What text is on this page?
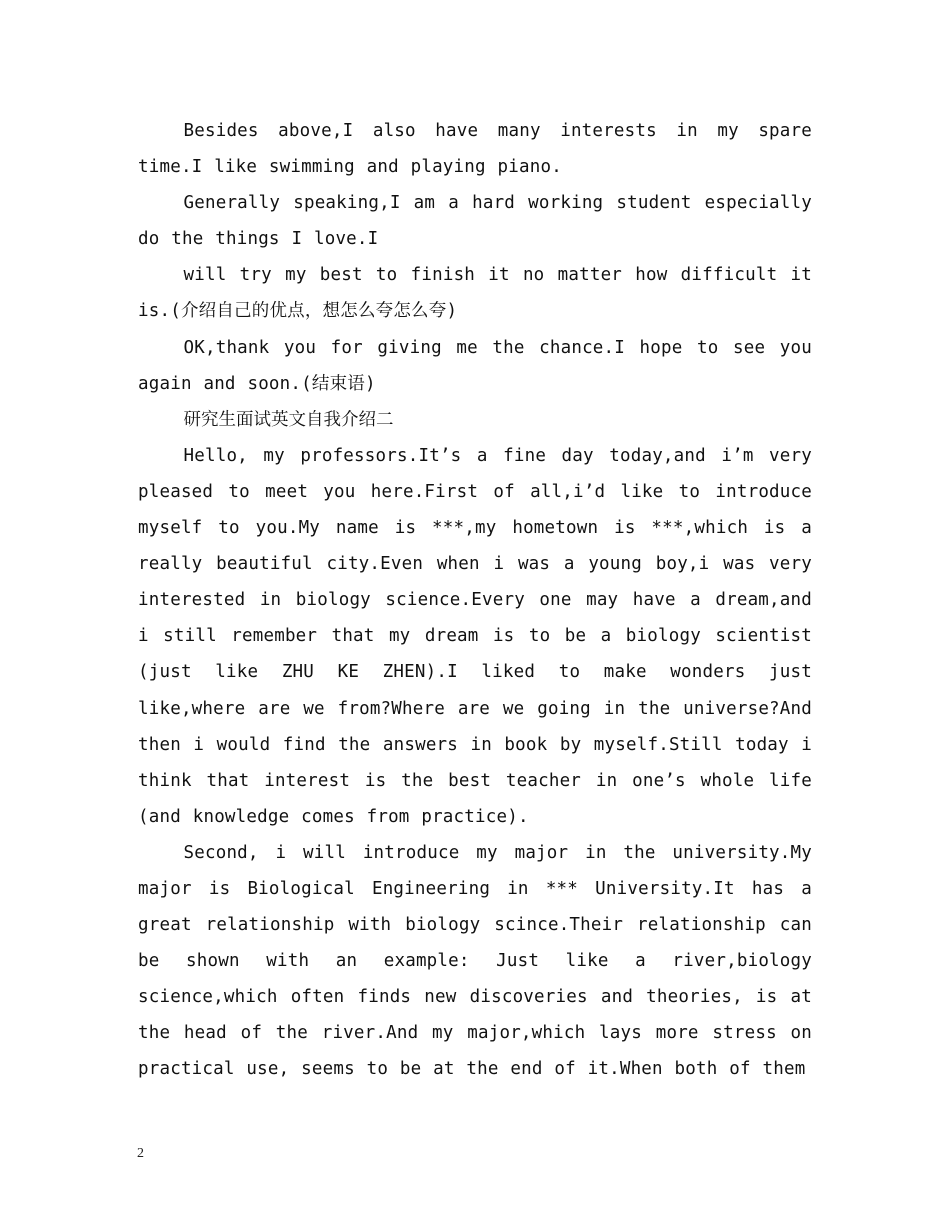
Besides above,I also have many interests in my spare time.I like swimming and playing piano.

Generally speaking,I am a hard working student especially do the things I love.I

will try my best to finish it no matter how difficult it is.(介绍自己的优点，想怎么夸怎么夸)

OK,thank you for giving me the chance.I hope to see you again and soon.(结束语)

研究生面试英文自我介绍二

Hello, my professors.It’s a fine day today,and i’m very pleased to meet you here.First of all,i’d like to introduce myself to you.My name is ***,my hometown is ***,which is a really beautiful city.Even when i was a young boy,i was very interested in biology science.Every one may have a dream,and i still remember that my dream is to be a biology scientist (just like ZHU KE ZHEN).I liked to make wonders just like,where are we from?Where are we going in the universe?And then i would find the answers in book by myself.Still today i think that interest is the best teacher in one’s whole life (and knowledge comes from practice).

Second, i will introduce my major in the university.My major is Biological Engineering in *** University.It has a great relationship with biology scince.Their relationship can be shown with an example: Just like a river,biology science,which often finds new discoveries and theories, is at the head of the river.And my major,which lays more stress on practical use, seems to be at the end of it.When both of them

2
